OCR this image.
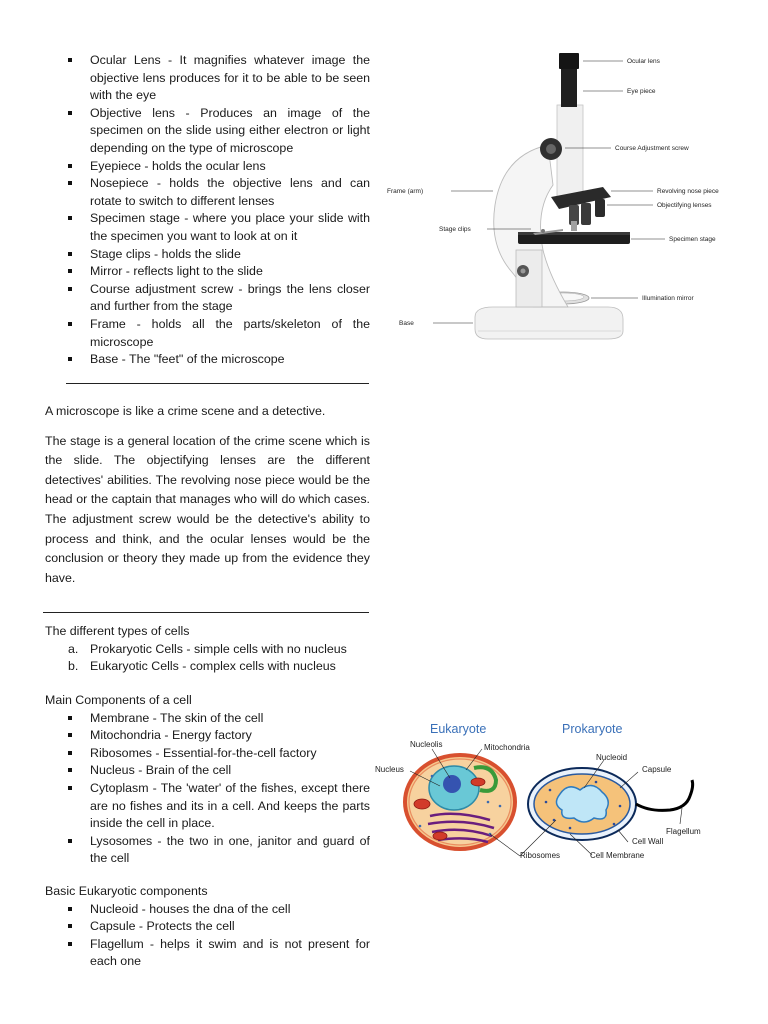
Ocular Lens - It magnifies whatever image the objective lens produces for it to be able to be seen with the eye
Objective lens - Produces an image of the specimen on the slide using either electron or light depending on the type of microscope
Eyepiece - holds the ocular lens
Nosepiece - holds the objective lens and can rotate to switch to different lenses
Specimen stage - where you place your slide with the specimen you want to look at on it
Stage clips - holds the slide
Mirror - reflects light to the slide
Course adjustment screw - brings the lens closer and further from the stage
Frame - holds all the parts/skeleton of the microscope
Base - The "feet" of the microscope

A microscope is like a crime scene and a detective.

The stage is a general location of the crime scene which is the slide. The objectifying lenses are the different detectives' abilities. The revolving nose piece would be the head or the captain that manages who will do which cases. The adjustment screw would be the detective's ability to process and think, and the ocular lenses would be the conclusion or theory they made up from the evidence they have.

The different types of cells

a. Prokaryotic Cells - simple cells with no nucleus
b. Eukaryotic Cells - complex cells with nucleus

Main Components of a cell

Membrane - The skin of the cell
Mitochondria - Energy factory
Ribosomes - Essential-for-the-cell factory
Nucleus - Brain of the cell
Cytoplasm - The 'water' of the fishes, except there are no fishes and its in a cell. And keeps the parts inside the cell in place.
Lysosomes - the two in one, janitor and guard of the cell

Basic Eukaryotic components

Nucleoid - houses the dna of the cell
Capsule - Protects the cell
Flagellum - helps it swim and is not present for each one
Ocular lens
Eye piece
Course Adjustment screw
Frame (arm)	Revolving nose piece
Objectifying lenses
Stage clips
Specimen stage
Illumination mirror
Base
Eukaryote	Prokaryote
Nucleolis	Mitochondria
Nucleus
Nucleoid
Capsule
Flagellum
Cell Wall
Ribosomes	Cell Membrane
